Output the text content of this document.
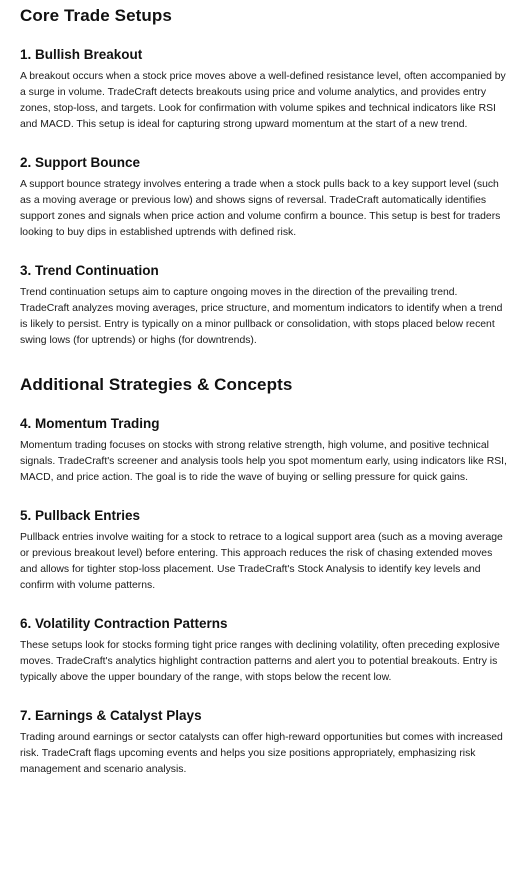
Core Trade Setups
1. Bullish Breakout

A breakout occurs when a stock price moves above a well-defined resistance level, often accompanied by a surge in volume. TradeCraft detects breakouts using price and volume analytics, and provides entry zones, stop-loss, and targets. Look for confirmation with volume spikes and technical indicators like RSI and MACD. This setup is ideal for capturing strong upward momentum at the start of a new trend.

2. Support Bounce

A support bounce strategy involves entering a trade when a stock pulls back to a key support level (such as a moving average or previous low) and shows signs of reversal. TradeCraft automatically identifies support zones and signals when price action and volume confirm a bounce. This setup is best for traders looking to buy dips in established uptrends with defined risk.

3. Trend Continuation

Trend continuation setups aim to capture ongoing moves in the direction of the prevailing trend. TradeCraft analyzes moving averages, price structure, and momentum indicators to identify when a trend is likely to persist. Entry is typically on a minor pullback or consolidation, with stops placed below recent swing lows (for uptrends) or highs (for downtrends).

Additional Strategies & Concepts
4. Momentum Trading

Momentum trading focuses on stocks with strong relative strength, high volume, and positive technical signals. TradeCraft's screener and analysis tools help you spot momentum early, using indicators like RSI, MACD, and price action. The goal is to ride the wave of buying or selling pressure for quick gains.

5. Pullback Entries

Pullback entries involve waiting for a stock to retrace to a logical support area (such as a moving average or previous breakout level) before entering. This approach reduces the risk of chasing extended moves and allows for tighter stop-loss placement. Use TradeCraft's Stock Analysis to identify key levels and confirm with volume patterns.

6. Volatility Contraction Patterns

These setups look for stocks forming tight price ranges with declining volatility, often preceding explosive moves. TradeCraft's analytics highlight contraction patterns and alert you to potential breakouts. Entry is typically above the upper boundary of the range, with stops below the recent low.

7. Earnings & Catalyst Plays

Trading around earnings or sector catalysts can offer high-reward opportunities but comes with increased risk. TradeCraft flags upcoming events and helps you size positions appropriately, emphasizing risk management and scenario analysis.
